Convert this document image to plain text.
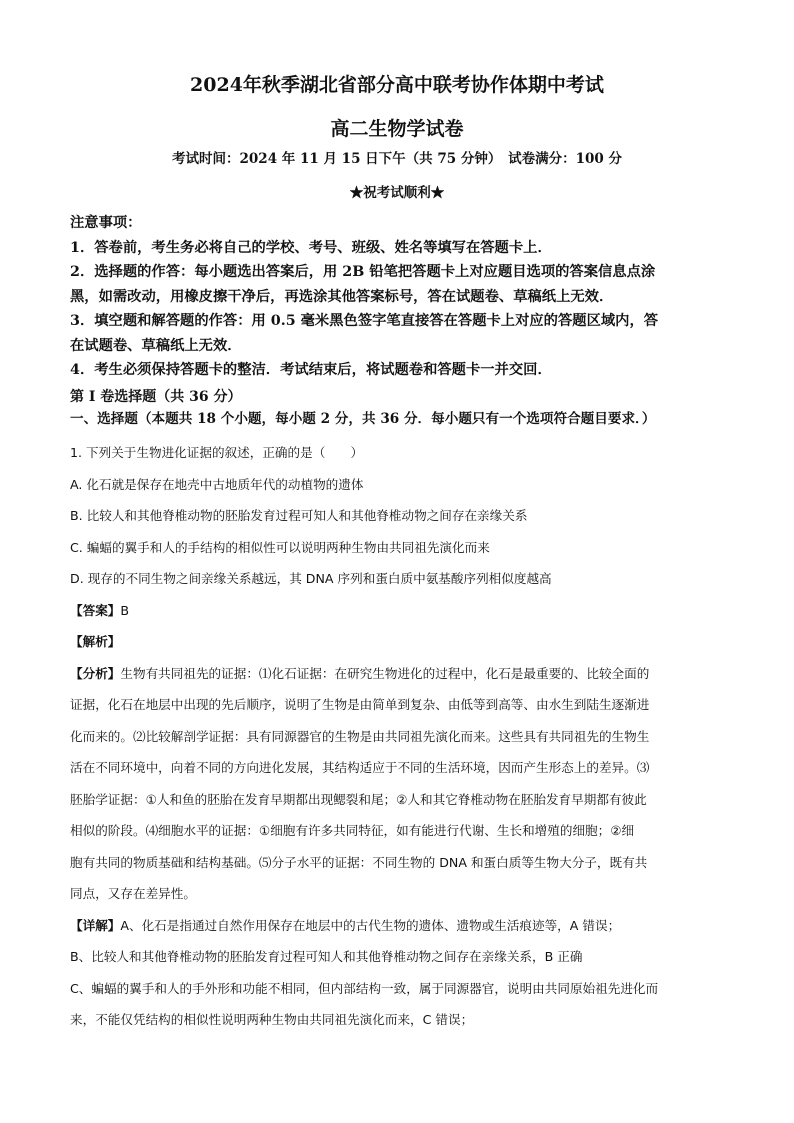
2024年秋季湖北省部分高中联考协作体期中考试
高二生物学试卷
考试时间：2024 年 11 月 15 日下午（共 75 分钟）　试卷满分：100 分
★祝考试顺利★

注意事项：

1．答卷前，考生务必将自己的学校、考号、班级、姓名等填写在答题卡上．

2．选择题的作答：每小题选出答案后，用 2B 铅笔把答题卡上对应题目选项的答案信息点涂

黑，如需改动，用橡皮擦干净后，再选涂其他答案标号，答在试题卷、草稿纸上无效．

3．填空题和解答题的作答：用 0.5 毫米黑色签字笔直接答在答题卡上对应的答题区域内，答

在试题卷、草稿纸上无效．

4．考生必须保持答题卡的整洁．考试结束后，将试题卷和答题卡一并交回．

第 I 卷选择题（共 36 分）

一、选择题（本题共 18 个小题，每小题 2 分，共 36 分．每小题只有一个选项符合题目要求．）

1. 下列关于生物进化证据的叙述，正确的是（　　）

A. 化石就是保存在地壳中古地质年代的动植物的遗体

B. 比较人和其他脊椎动物的胚胎发育过程可知人和其他脊椎动物之间存在亲缘关系

C. 蝙蝠的翼手和人的手结构的相似性可以说明两种生物由共同祖先演化而来

D. 现存的不同生物之间亲缘关系越远，其 DNA 序列和蛋白质中氨基酸序列相似度越高

【答案】B

【解析】

【分析】生物有共同祖先的证据：⑴化石证据：在研究生物进化的过程中，化石是最重要的、比较全面的

证据，化石在地层中出现的先后顺序，说明了生物是由简单到复杂、由低等到高等、由水生到陆生逐渐进

化而来的。⑵比较解剖学证据：具有同源器官的生物是由共同祖先演化而来。这些具有共同祖先的生物生

活在不同环境中，向着不同的方向进化发展，其结构适应于不同的生活环境，因而产生形态上的差异。⑶

胚胎学证据：①人和鱼的胚胎在发育早期都出现鳃裂和尾；②人和其它脊椎动物在胚胎发育早期都有彼此

相似的阶段。⑷细胞水平的证据：①细胞有许多共同特征，如有能进行代谢、生长和增殖的细胞；②细

胞有共同的物质基础和结构基础。⑸分子水平的证据：不同生物的 DNA 和蛋白质等生物大分子，既有共

同点，又存在差异性。

【详解】A、化石是指通过自然作用保存在地层中的古代生物的遗体、遗物或生活痕迹等，A 错误；

B、比较人和其他脊椎动物的胚胎发育过程可知人和其他脊椎动物之间存在亲缘关系，B 正确

C、蝙蝠的翼手和人的手外形和功能不相同，但内部结构一致，属于同源器官，说明由共同原始祖先进化而

来，不能仅凭结构的相似性说明两种生物由共同祖先演化而来，C 错误；
